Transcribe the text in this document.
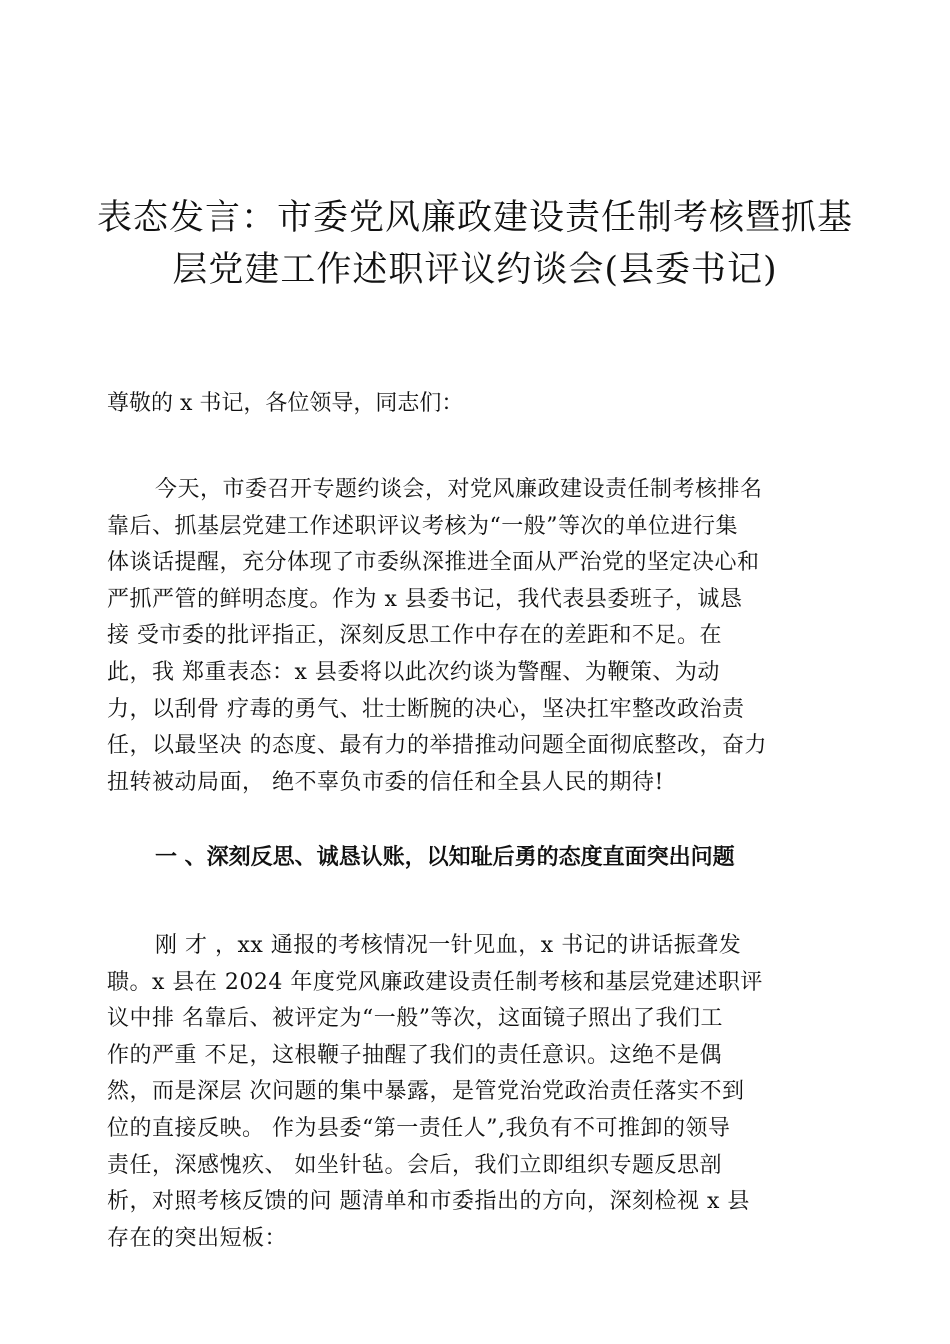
表态发言：市委党风廉政建设责任制考核暨抓基
层党建工作述职评议约谈会(县委书记)
尊敬的 x 书记，各位领导，同志们：
今天，市委召开专题约谈会，对党风廉政建设责任制考核排名
靠后、抓基层党建工作述职评议考核为“一般”等次的单位进行集
体谈话提醒，充分体现了市委纵深推进全面从严治党的坚定决心和
严抓严管的鲜明态度。作为 x 县委书记，我代表县委班子，诚恳
接 受市委的批评指正，深刻反思工作中存在的差距和不足。在
此，我 郑重表态：x 县委将以此次约谈为警醒、为鞭策、为动
力，以刮骨 疗毒的勇气、壮士断腕的决心，坚决扛牢整改政治责
任，以最坚决 的态度、最有力的举措推动问题全面彻底整改，奋力
扭转被动局面， 绝不辜负市委的信任和全县人民的期待!
一 、深刻反思、诚恳认账，以知耻后勇的态度直面突出问题
刚 才 ，xx 通报的考核情况一针见血，x 书记的讲话振聋发
聩。x 县在 2024 年度党风廉政建设责任制考核和基层党建述职评
议中排 名靠后、被评定为“一般”等次，这面镜子照出了我们工
作的严重 不足，这根鞭子抽醒了我们的责任意识。这绝不是偶
然，而是深层 次问题的集中暴露，是管党治党政治责任落实不到
位的直接反映。 作为县委“第一责任人”,我负有不可推卸的领导
责任，深感愧疚、 如坐针毡。会后，我们立即组织专题反思剖
析，对照考核反馈的问 题清单和市委指出的方向，深刻检视 x 县
存在的突出短板：
